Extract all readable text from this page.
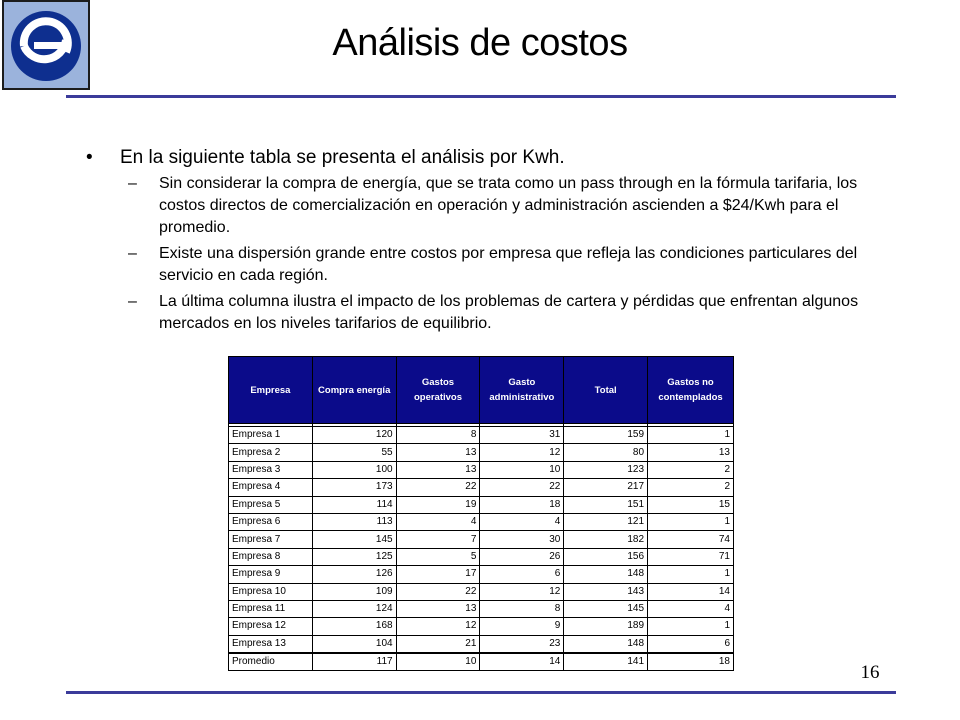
Análisis de costos
• En la siguiente tabla se presenta el análisis por Kwh.
– Sin considerar la compra de energía, que se trata como un pass through en la fórmula tarifaria, los costos directos de comercialización en operación y administración ascienden a $24/Kwh para el promedio.
– Existe una dispersión grande entre costos por empresa que refleja las condiciones particulares del servicio en cada región.
– La última columna ilustra el impacto de los problemas de cartera y pérdidas que enfrentan algunos mercados en los niveles tarifarios de equilibrio.
Empresa	Compra energía	Gastos operativos	Gasto administrativo	Total	Gastos no contemplados

Empresa 1	120	8	31	159	1
Empresa 2	55	13	12	80	13
Empresa 3	100	13	10	123	2
Empresa 4	173	22	22	217	2
Empresa 5	114	19	18	151	15
Empresa 6	113	4	4	121	1
Empresa 7	145	7	30	182	74
Empresa 8	125	5	26	156	71
Empresa 9	126	17	6	148	1
Empresa 10	109	22	12	143	14
Empresa 11	124	13	8	145	4
Empresa 12	168	12	9	189	1
Empresa 13	104	21	23	148	6
Promedio	117	10	14	141	18
16
